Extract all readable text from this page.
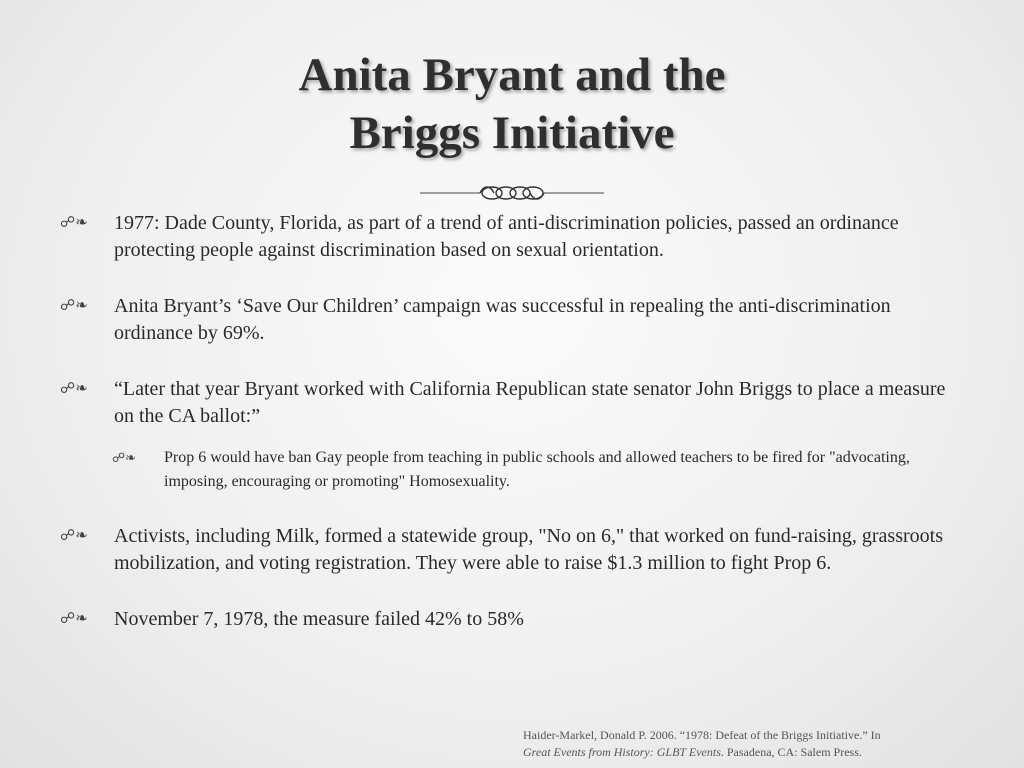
Anita Bryant and the
Briggs Initiative
☍❧ 1977: Dade County, Florida, as part of a trend of anti-discrimination policies, passed an ordinance protecting people against discrimination based on sexual orientation.
☍❧ Anita Bryant’s ‘Save Our Children’ campaign was successful in repealing the anti-discrimination ordinance by 69%.
☍❧ “Later that year Bryant worked with California Republican state senator John Briggs to place a measure on the CA ballot:”
☍❧ Prop 6 would have ban Gay people from teaching in public schools and allowed teachers to be fired for "advocating, imposing, encouraging or promoting" Homosexuality.
☍❧ Activists, including Milk, formed a statewide group, "No on 6," that worked on fund-raising, grassroots mobilization, and voting registration. They were able to raise $1.3 million to fight Prop 6.
☍❧ November 7, 1978, the measure failed 42% to 58%
Haider-Markel, Donald P. 2006. “1978: Defeat of the Briggs Initiative.” In
Great Events from History: GLBT Events. Pasadena, CA: Salem Press.
